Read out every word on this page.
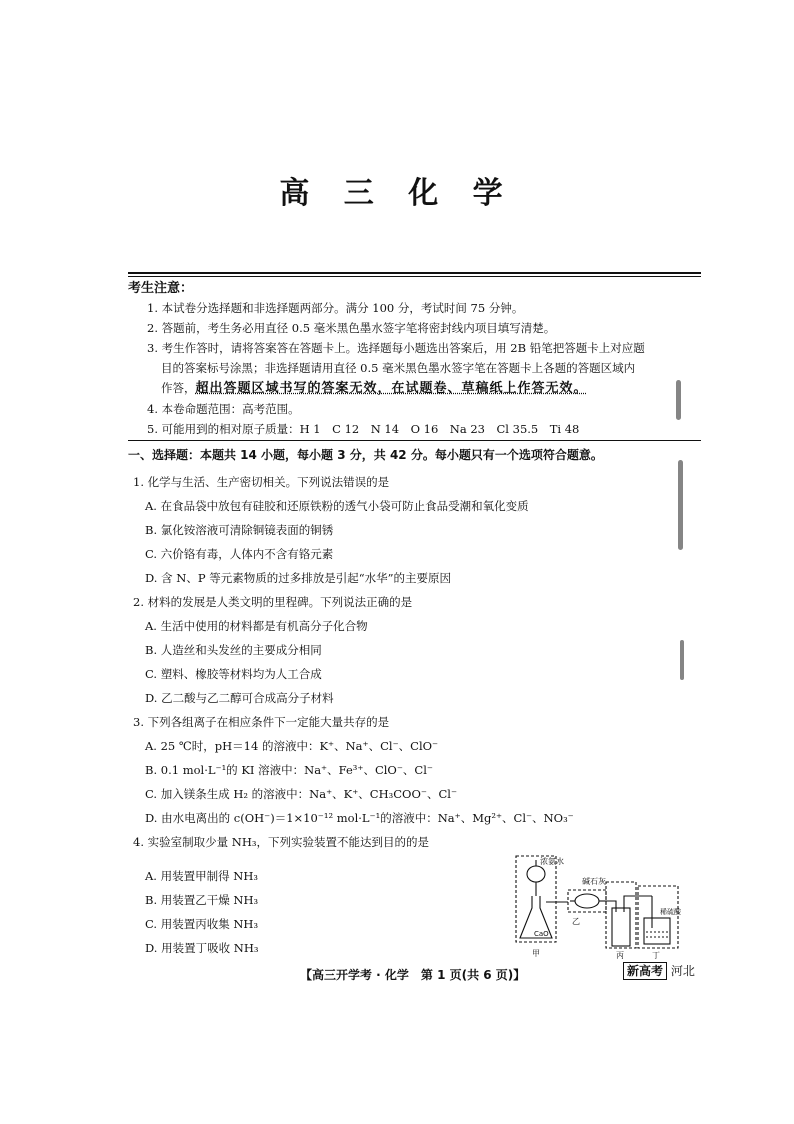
高 三 化 学
考生注意：
1. 本试卷分选择题和非选择题两部分。满分 100 分，考试时间 75 分钟。
2. 答题前，考生务必用直径 0.5 毫米黑色墨水签字笔将密封线内项目填写清楚。
3. 考生作答时，请将答案答在答题卡上。选择题每小题选出答案后，用 2B 铅笔把答题卡上对应题
目的答案标号涂黑；非选择题请用直径 0.5 毫米黑色墨水签字笔在答题卡上各题的答题区域内
作答，超出答题区域书写的答案无效，在试题卷、草稿纸上作答无效。
4. 本卷命题范围：高考范围。
5. 可能用到的相对原子质量：H 1　C 12　N 14　O 16　Na 23　Cl 35.5　Ti 48
一、选择题：本题共 14 小题，每小题 3 分，共 42 分。每小题只有一个选项符合题意。
1. 化学与生活、生产密切相关。下列说法错误的是
A. 在食品袋中放包有硅胶和还原铁粉的透气小袋可防止食品受潮和氧化变质
B. 氯化铵溶液可清除铜镜表面的铜锈
C. 六价铬有毒，人体内不含有铬元素
D. 含 N、P 等元素物质的过多排放是引起“水华”的主要原因
2. 材料的发展是人类文明的里程碑。下列说法正确的是
A. 生活中使用的材料都是有机高分子化合物
B. 人造丝和头发丝的主要成分相同
C. 塑料、橡胶等材料均为人工合成
D. 乙二酸与乙二醇可合成高分子材料
3. 下列各组离子在相应条件下一定能大量共存的是
A. 25 ℃时，pH＝14 的溶液中：K⁺、Na⁺、Cl⁻、ClO⁻
B. 0.1 mol·L⁻¹的 KI 溶液中：Na⁺、Fe³⁺、ClO⁻、Cl⁻
C. 加入镁条生成 H₂ 的溶液中：Na⁺、K⁺、CH₃COO⁻、Cl⁻
D. 由水电离出的 c(OH⁻)＝1×10⁻¹² mol·L⁻¹的溶液中：Na⁺、Mg²⁺、Cl⁻、NO₃⁻
4. 实验室制取少量 NH₃，下列实验装置不能达到目的的是
A. 用装置甲制得 NH₃
B. 用装置乙干燥 NH₃
C. 用装置丙收集 NH₃
D. 用装置丁吸收 NH₃
浓氨水
碱石灰
乙
CaO
甲	丙	丁
稀硫酸
【高三开学考 · 化学　第 1 页(共 6 页)】	新高考 河北
